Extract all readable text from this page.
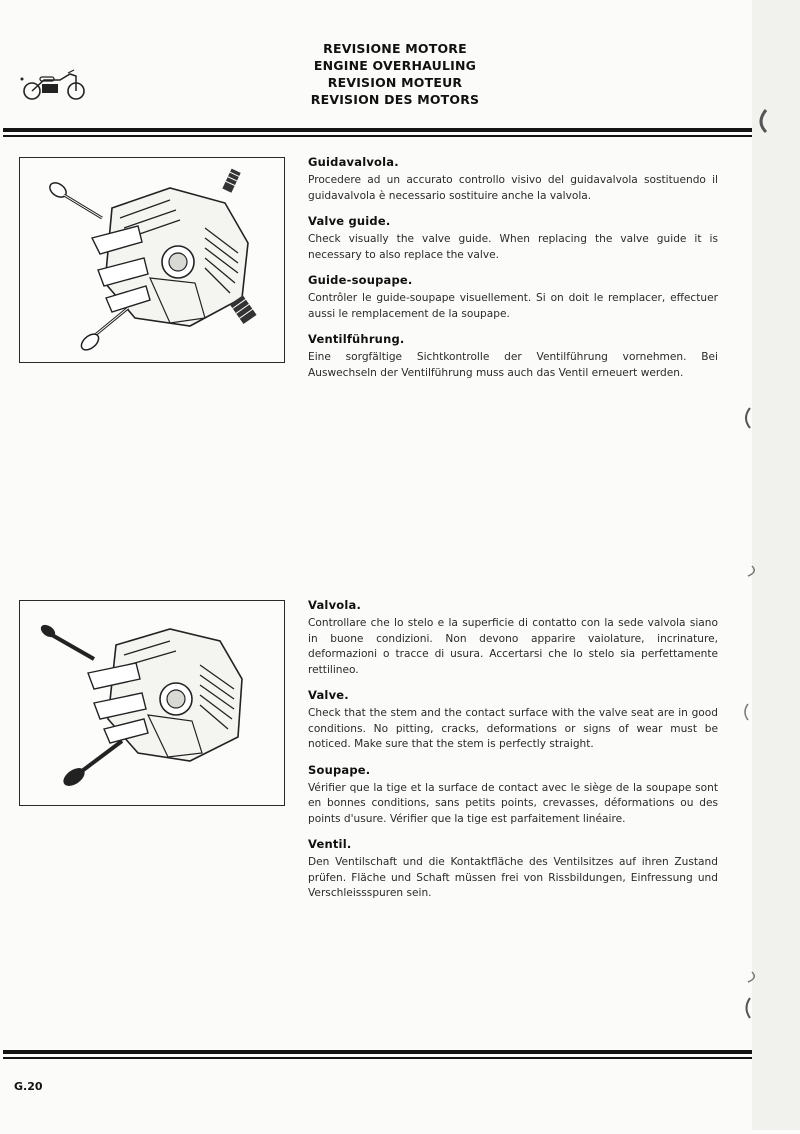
REVISIONE MOTORE
ENGINE OVERHAULING
REVISION MOTEUR
REVISION DES MOTORS
Guidavalvola.

Procedere ad un accurato controllo visivo del guidavalvola sostituendo il guidavalvola è necessario sostituire anche la valvola.

Valve guide.

Check visually the valve guide. When replacing the valve guide it is necessary to also replace the valve.

Guide-soupape.

Contrôler le guide-soupape visuellement. Si on doit le remplacer, effectuer aussi le remplacement de la soupape.

Ventilführung.

Eine sorgfältige Sichtkontrolle der Ventilführung vornehmen. Bei Auswechseln der Ventilführung muss auch das Ventil erneuert werden.

Valvola.

Controllare che lo stelo e la superficie di contatto con la sede valvola siano in buone condizioni. Non devono apparire vaiolature, incrinature, deformazioni o tracce di usura. Accertarsi che lo stelo sia perfettamente rettilineo.

Valve.

Check that the stem and the contact surface with the valve seat are in good conditions. No pitting, cracks, deformations or signs of wear must be noticed. Make sure that the stem is perfectly straight.

Soupape.

Vérifier que la tige et la surface de contact avec le siège de la soupape sont en bonnes conditions, sans petits points, crevasses, déformations ou des points d'usure. Vérifier que la tige est parfaitement linéaire.

Ventil.

Den Ventilschaft und die Kontaktfläche des Ventilsitzes auf ihren Zustand prüfen. Fläche und Schaft müssen frei von Rissbildungen, Einfressung und Verschleissspuren sein.

G.20
